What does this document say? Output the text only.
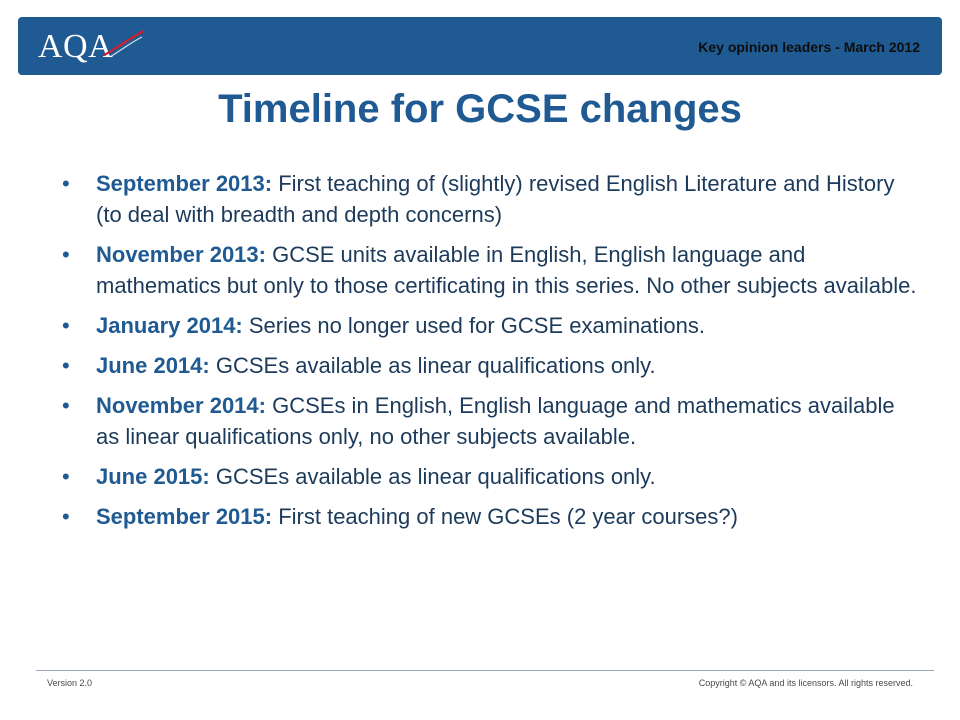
AQA	Key opinion leaders - March 2012
Timeline for GCSE changes
• September 2013: First teaching of (slightly) revised English Literature and History (to deal with breadth and depth concerns)
• November 2013: GCSE units available in English, English language and mathematics but only to those certificating in this series. No other subjects available.
• January 2014: Series no longer used for GCSE examinations.
• June 2014: GCSEs available as linear qualifications only.
• November 2014: GCSEs in English, English language and mathematics available as linear qualifications only, no other subjects available.
• June 2015: GCSEs available as linear qualifications only.
• September 2015: First teaching of new GCSEs (2 year courses?)
Version 2.0	Copyright © AQA and its licensors. All rights reserved.
